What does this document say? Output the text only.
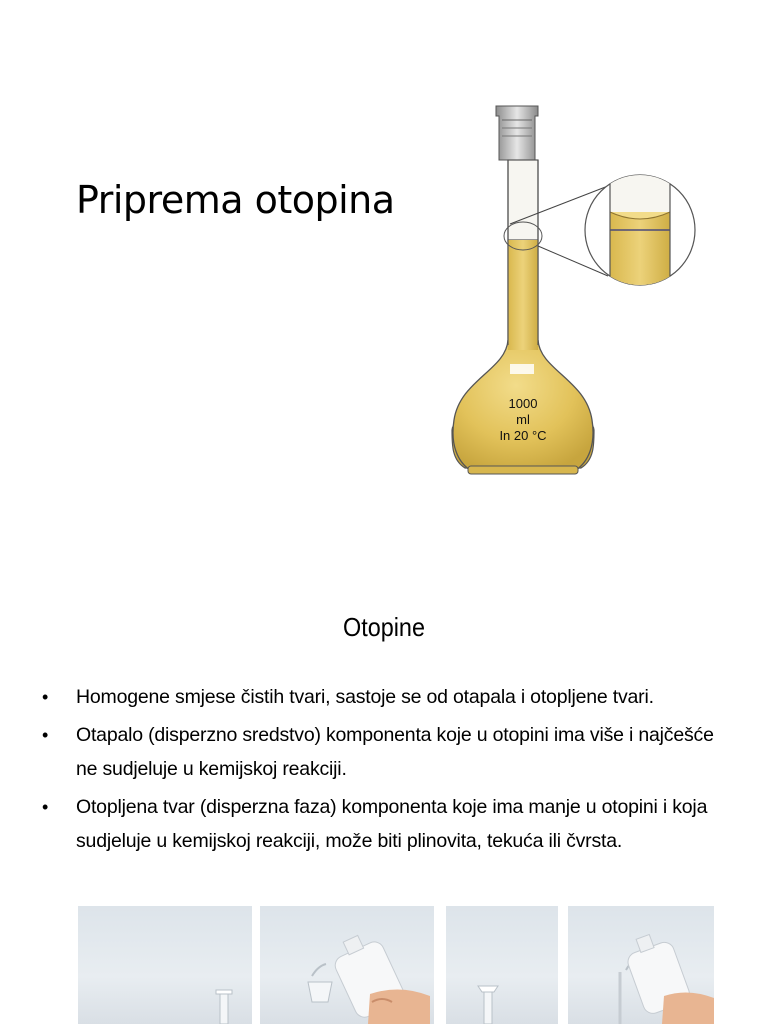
Priprema otopina
1000
ml
In 20 °C
Otopine
• Homogene smjese čistih tvari, sastoje se od otapala i otopljene tvari.
• Otapalo (disperzno sredstvo) komponenta koje u otopini ima više i najčešće ne sudjeluje u kemijskoj reakciji.
• Otopljena tvar (disperzna faza) komponenta koje ima manje u otopini i koja sudjeluje u kemijskoj reakciji, može biti plinovita, tekuća ili čvrsta.
